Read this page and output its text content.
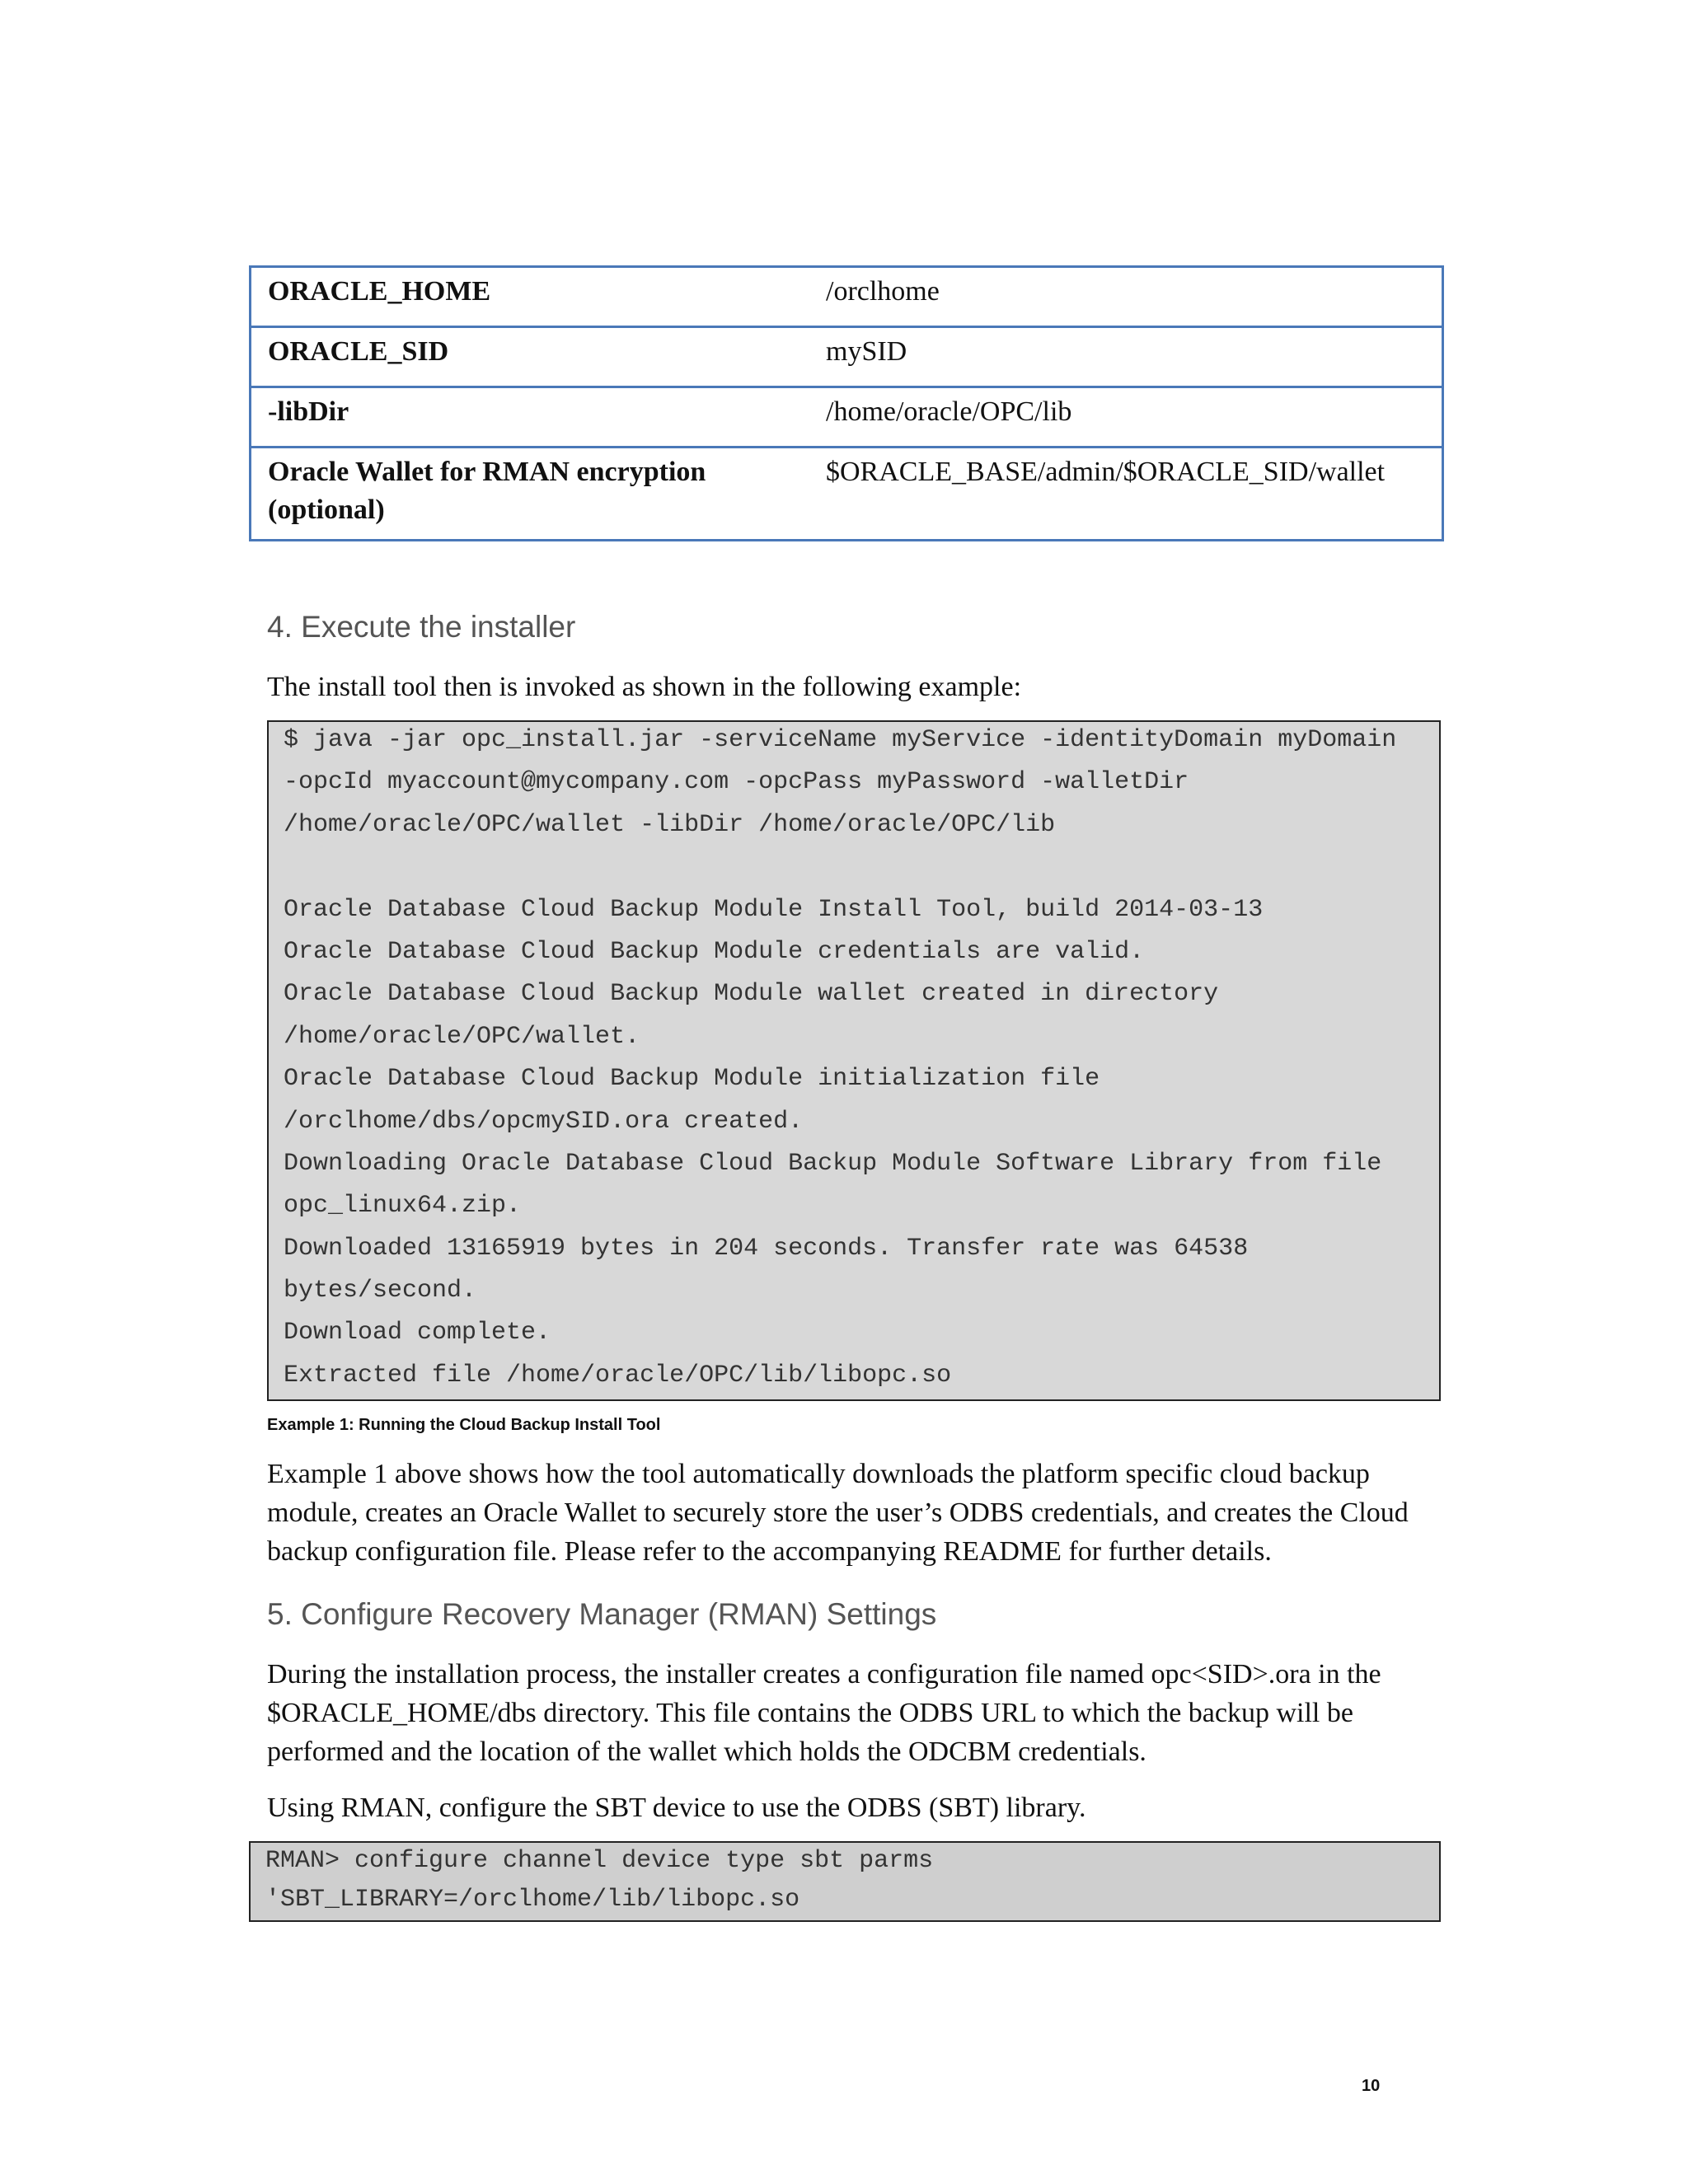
ORACLE_HOME	/orclhome
ORACLE_SID	mySID
-libDir	/home/oracle/OPC/lib
Oracle Wallet for RMAN encryption (optional)	$ORACLE_BASE/admin/$ORACLE_SID/wallet
4. Execute the installer

The install tool then is invoked as shown in the following example:

$ java -jar opc_install.jar -serviceName myService -identityDomain myDomain
-opcId myaccount@mycompany.com -opcPass myPassword -walletDir
/home/oracle/OPC/wallet -libDir /home/oracle/OPC/lib
Oracle Database Cloud Backup Module Install Tool, build 2014-03-13
Oracle Database Cloud Backup Module credentials are valid.
Oracle Database Cloud Backup Module wallet created in directory
/home/oracle/OPC/wallet.
Oracle Database Cloud Backup Module initialization file
/orclhome/dbs/opcmySID.ora created.
Downloading Oracle Database Cloud Backup Module Software Library from file
opc_linux64.zip.
Downloaded 13165919 bytes in 204 seconds. Transfer rate was 64538
bytes/second.
Download complete.
Extracted file /home/oracle/OPC/lib/libopc.so

Example 1: Running the Cloud Backup Install Tool

Example 1 above shows how the tool automatically downloads the platform specific cloud backup module, creates an Oracle Wallet to securely store the user’s ODBS credentials, and creates the Cloud backup configuration file. Please refer to the accompanying README for further details.

5. Configure Recovery Manager (RMAN) Settings

During the installation process, the installer creates a configuration file named opc<SID>.ora in the $ORACLE_HOME/dbs directory. This file contains the ODBS URL to which the backup will be performed and the location of the wallet which holds the ODCBM credentials.

Using RMAN, configure the SBT device to use the ODBS (SBT) library.

RMAN> configure channel device type sbt parms
'SBT_LIBRARY=/orclhome/lib/libopc.so
10
